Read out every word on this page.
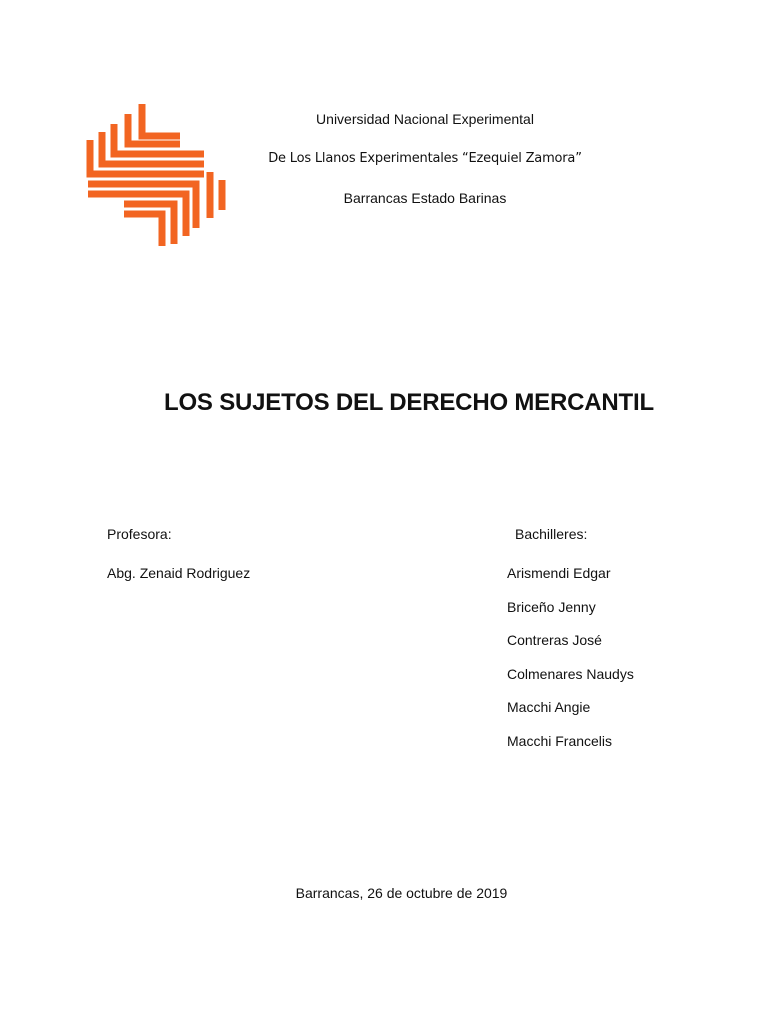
Universidad Nacional Experimental
De Los Llanos Experimentales “Ezequiel Zamora”
Barrancas Estado Barinas
LOS SUJETOS DEL DERECHO MERCANTIL
Profesora:
Abg. Zenaid Rodriguez
Bachilleres:
Arismendi Edgar
Briceño Jenny
Contreras José
Colmenares Naudys
Macchi Angie
Macchi Francelis
Barrancas, 26 de octubre de 2019
